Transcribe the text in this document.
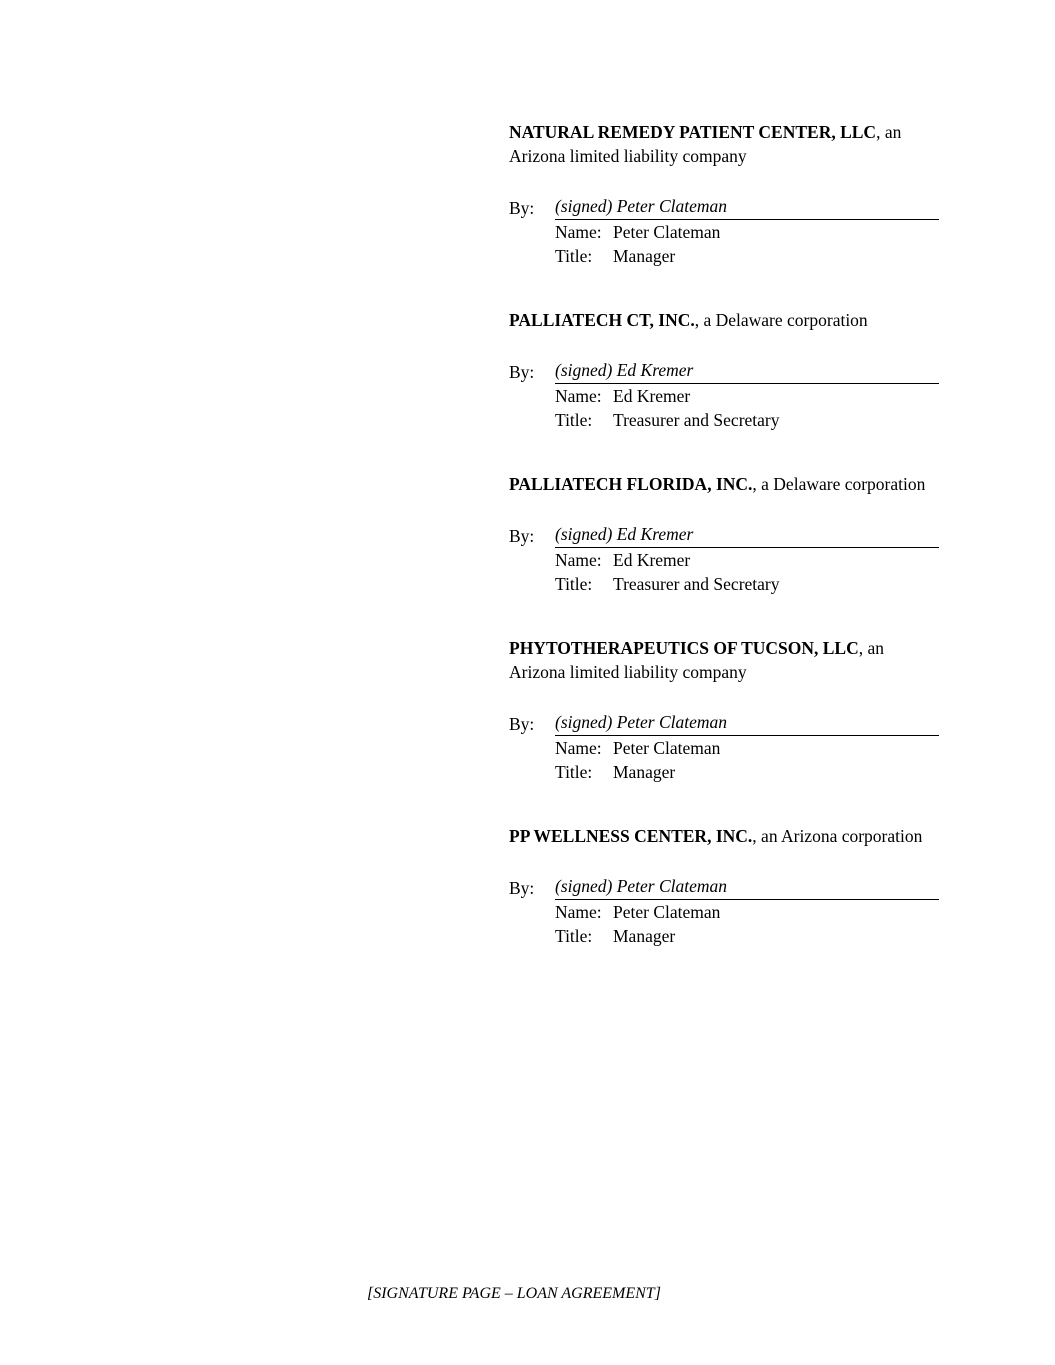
NATURAL REMEDY PATIENT CENTER, LLC, an Arizona limited liability company

By:	(signed) Peter Clateman
Name: Peter Clateman
Title:	Manager

PALLIATECH CT, INC., a Delaware corporation

By:	(signed) Ed Kremer
Name: Ed Kremer
Title:	Treasurer and Secretary

PALLIATECH FLORIDA, INC., a Delaware corporation

By:	(signed) Ed Kremer
Name: Ed Kremer
Title:	Treasurer and Secretary

PHYTOTHERAPEUTICS OF TUCSON, LLC, an Arizona limited liability company

By:	(signed) Peter Clateman
Name: Peter Clateman
Title:	Manager

PP WELLNESS CENTER, INC., an Arizona corporation

By:	(signed) Peter Clateman
Name: Peter Clateman
Title:	Manager
[SIGNATURE PAGE – LOAN AGREEMENT]
